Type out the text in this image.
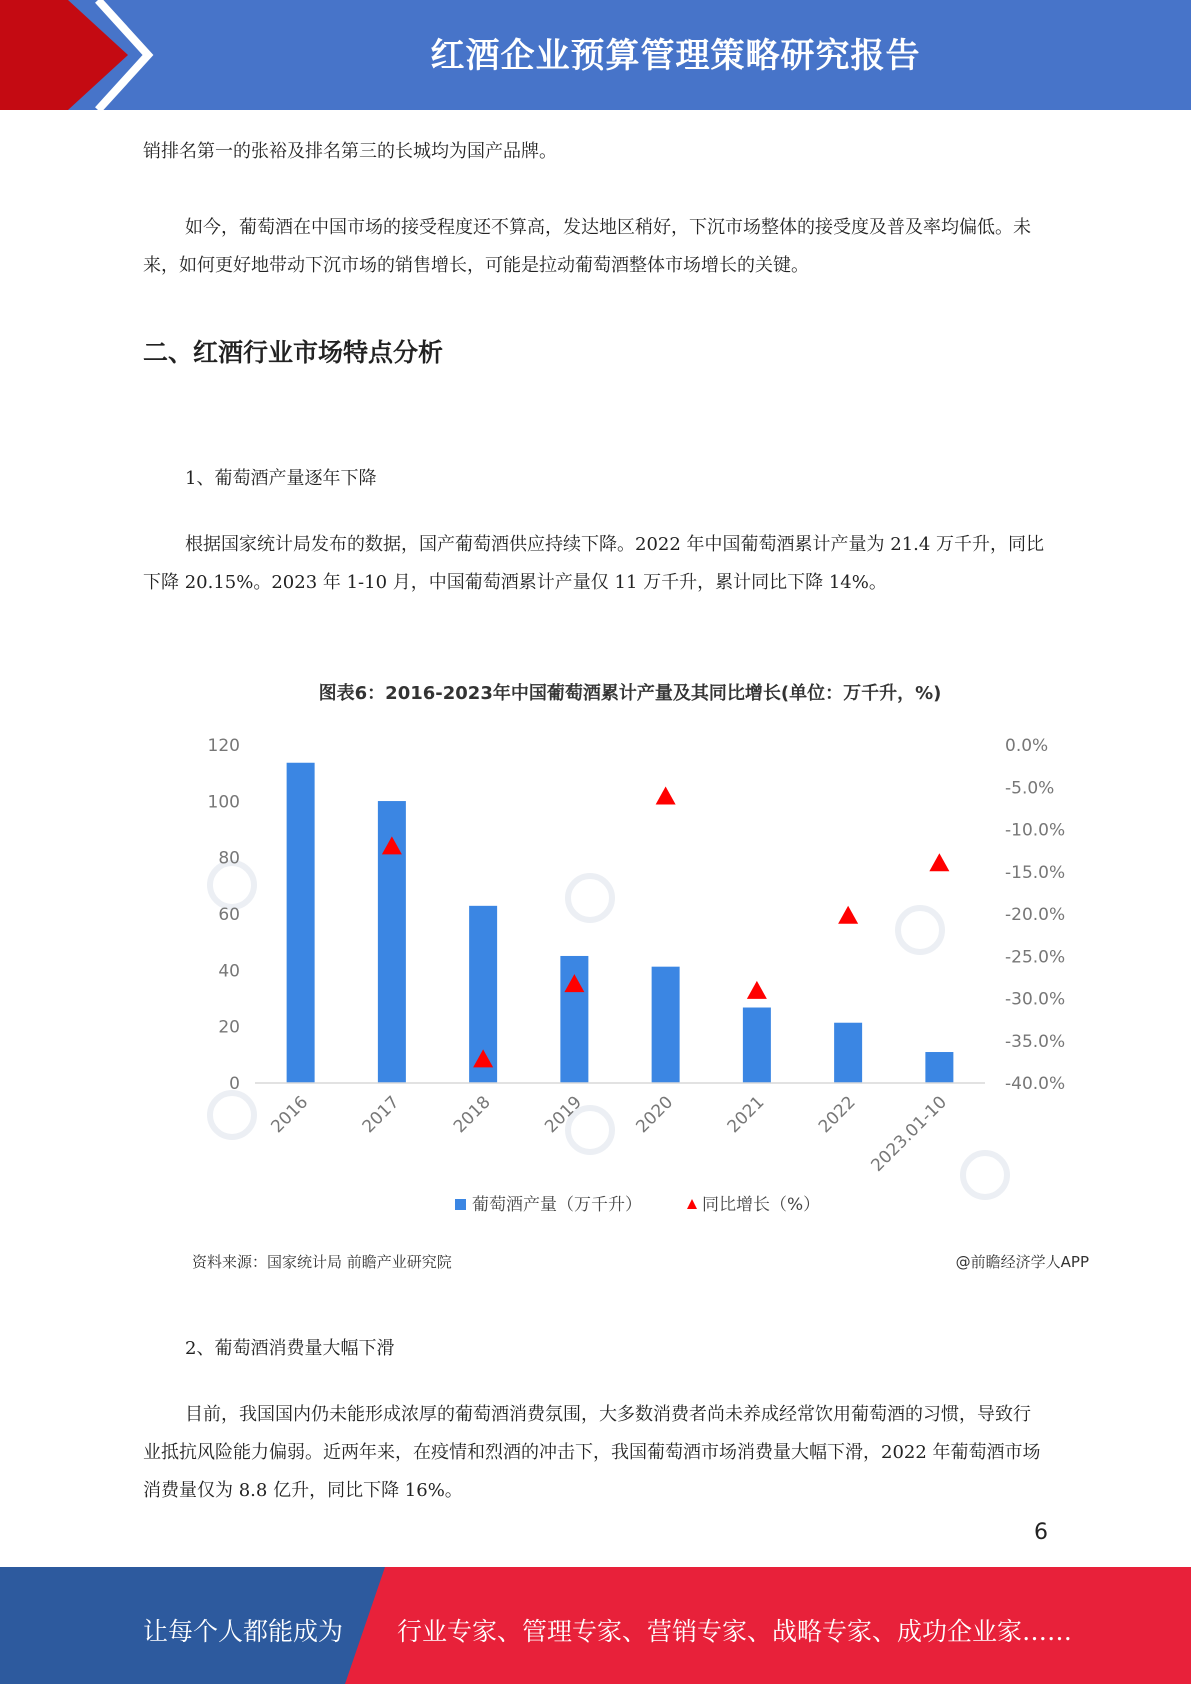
红酒企业预算管理策略研究报告

销排名第一的张裕及排名第三的长城均为国产品牌。

如今，葡萄酒在中国市场的接受程度还不算高，发达地区稍好，下沉市场整体的接受度及普及率均偏低。未来，如何更好地带动下沉市场的销售增长，可能是拉动葡萄酒整体市场增长的关键。

二、红酒行业市场特点分析

1、葡萄酒产量逐年下降

根据国家统计局发布的数据，国产葡萄酒供应持续下降。2022 年中国葡萄酒累计产量为 21.4 万千升，同比下降 20.15%。2023 年 1-10 月，中国葡萄酒累计产量仅 11 万千升，累计同比下降 14%。

图表6：2016-2023年中国葡萄酒累计产量及其同比增长(单位：万千升，%)
0
20
40
60
80
100
120
-40.0%
-35.0%
-30.0%
-25.0%
-20.0%
-15.0%
-10.0%
-5.0%
0.0%
2016	2017	2018	2019	2020	2021	2022 2023.01-10
葡萄酒产量（万千升）	同比增长（%）
资料来源：国家统计局 前瞻产业研究院	@前瞻经济学人APP

2、葡萄酒消费量大幅下滑

目前，我国国内仍未能形成浓厚的葡萄酒消费氛围，大多数消费者尚未养成经常饮用葡萄酒的习惯，导致行业抵抗风险能力偏弱。近两年来，在疫情和烈酒的冲击下，我国葡萄酒市场消费量大幅下滑，2022 年葡萄酒市场消费量仅为 8.8 亿升，同比下降 16%。

6
让每个人都能成为 行业专家、管理专家、营销专家、战略专家、成功企业家……
